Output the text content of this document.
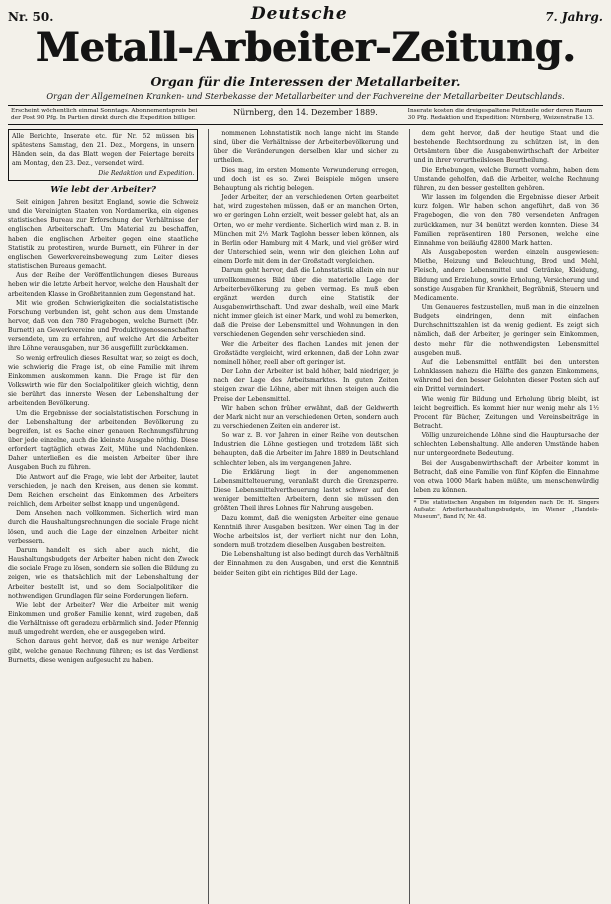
Nr. 50.	Deutsche	7. Jahrg.
Metall-Arbeiter-Zeitung.
Organ für die Interessen der Metallarbeiter.
Organ der Allgemeinen Kranken- und Sterbekasse der Metallarbeiter und der Fachvereine der Metallarbeiter Deutschlands.
Erscheint wöchentlich einmal Sonntags. Abonnementspreis bei der Post 90 Pfg. In Partien direkt durch die Expedition billiger.
Nürnberg, den 14. Dezember 1889.	Inserate kosten die dreigespaltene Petitzeile oder deren Raum 30 Pfg. Redaktion und Expedition: Nürnberg, Weizenstraße 13.
Alle Berichte, Inserate etc. für Nr. 52 müssen bis spätestens Samstag, den 21. Dez., Morgens, in unsern Händen sein, da das Blatt wegen der Feiertage bereits am Montag, den 23. Dez., versendet wird.
Die Redaktion und Expedition.
Wie lebt der Arbeiter?

Seit einigen Jahren besitzt England, sowie die Schweiz und die Vereinigten Staaten von Nordamerika, ein eigenes statistisches Bureau zur Erforschung der Verhältnisse der englischen Arbeiterschaft. Um Material zu beschaffen, haben die englischen Arbeiter gegen eine staatliche Statistik zu protestiren, wurde Burnett, ein Führer in der englischen Gewerkvereinsbewegung zum Leiter dieses statistischen Bureaus gemacht.

Aus der Reihe der Veröffentlichungen dieses Bureaus heben wir die letzte Arbeit hervor, welche den Haushalt der arbeitenden Klasse in Großbritannien zum Gegenstand hat.

Mit wie großen Schwierigkeiten die socialstatistische Forschung verbunden ist, geht schon aus dem Umstande hervor, daß von den 780 Fragebogen, welche Burnett (Mr. Burnett) an Gewerkvereine und Produktivgenossenschaften versendete, um zu erfahren, auf welche Art die Arbeiter ihre Löhne verausgaben, nur 36 ausgefüllt zurückkamen.

So wenig erfreulich dieses Resultat war, so zeigt es doch, wie schwierig die Frage ist, ob eine Familie mit ihrem Einkommen auskommen kann. Die Frage ist für den Volkswirth wie für den Socialpolitiker gleich wichtig, denn sie berührt das innerste Wesen der Lebenshaltung der arbeitenden Bevölkerung.

Um die Ergebnisse der socialstatistischen Forschung in der Lebenshaltung der arbeitenden Bevölkerung zu begreifen, ist es Sache einer genauen Rechnungsführung über jede einzelne, auch die kleinste Ausgabe nöthig. Diese erfordert tagtäglich etwas Zeit, Mühe und Nachdenken. Daher unterließen es die meisten Arbeiter über ihre Ausgaben Buch zu führen.

Die Antwort auf die Frage, wie lebt der Arbeiter, lautet verschieden, je nach den Kreisen, aus denen sie kommt. Dem Reichen erscheint das Einkommen des Arbeiters reichlich, dem Arbeiter selbst knapp und ungenügend.

Dem Ansehen nach vollkommen. Sicherlich wird man durch die Haushaltungsrechnungen die sociale Frage nicht lösen, und auch die Lage der einzelnen Arbeiter nicht verbessern.

Darum handelt es sich aber auch nicht, die Haushaltungsbudgets der Arbeiter haben nicht den Zweck die sociale Frage zu lösen, sondern sie sollen die Bildung zu zeigen, wie es thatsächlich mit der Lebenshaltung der Arbeiter bestellt ist, und so dem Socialpolitiker die nothwendigen Grundlagen für seine Forderungen liefern.

Wie lebt der Arbeiter? Wer die Arbeiter mit wenig Einkommen und großer Familie kennt, wird zugeben, daß die Verhältnisse oft geradezu erbärmlich sind. Jeder Pfennig muß umgedreht werden, ehe er ausgegeben wird.

Schon daraus geht hervor, daß es nur wenige Arbeiter gibt, welche genaue Rechnung führen; es ist das Verdienst Burnetts, diese wenigen aufgesucht zu haben.

nommenen Lohnstatistik noch lange nicht im Stande sind, über die Verhältnisse der Arbeiterbevölkerung und über die Veränderungen derselben klar und sicher zu urtheilen.

Dies mag, im ersten Momente Verwunderung erregen, und doch ist es so. Zwei Beispiele mögen unsere Behauptung als richtig belegen.

Jeder Arbeiter, der an verschiedenen Orten gearbeitet hat, wird zugestehen müssen, daß er an manchen Orten, wo er geringen Lohn erzielt, weit besser gelebt hat, als an Orten, wo er mehr verdiente. Sicherlich wird man z. B. in München mit 2½ Mark Taglohn besser leben können, als in Berlin oder Hamburg mit 4 Mark, und viel größer wird der Unterschied sein, wenn wir den gleichen Lohn auf einem Dorfe mit dem in der Großstadt vergleichen.

Darum geht hervor, daß die Lohnstatistik allein ein nur unvollkommenes Bild über die materielle Lage der Arbeiterbevölkerung zu geben vermag. Es muß eben ergänzt werden durch eine Statistik der Ausgabenwirthschaft. Und zwar deshalb, weil eine Mark nicht immer gleich ist einer Mark, und wohl zu bemerken, daß die Preise der Lebensmittel und Wohnungen in den verschiedenen Gegenden sehr verschieden sind.

Wer die Arbeiter des flachen Landes mit jenen der Großstädte vergleicht, wird erkennen, daß der Lohn zwar nominell höher, reell aber oft geringer ist.

Der Lohn der Arbeiter ist bald höher, bald niedriger, je nach der Lage des Arbeitsmarktes. In guten Zeiten steigen zwar die Löhne, aber mit ihnen steigen auch die Preise der Lebensmittel.

Wir haben schon früher erwähnt, daß der Geldwerth der Mark nicht nur an verschiedenen Orten, sondern auch zu verschiedenen Zeiten ein anderer ist.

So war z. B. vor Jahren in einer Reihe von deutschen Industrien die Löhne gestiegen und trotzdem läßt sich behaupten, daß die Arbeiter im Jahre 1889 in Deutschland schlechter leben, als im vergangenen Jahre.

Die Erklärung liegt in der angenommenen Lebensmittelteuerung, veranlaßt durch die Grenzsperre. Diese Lebensmittelvertheuerung lastet schwer auf den weniger bemittelten Arbeitern, denn sie müssen den größten Theil ihres Lohnes für Nahrung ausgeben.

Dazu kommt, daß die wenigsten Arbeiter eine genaue Kenntniß ihrer Ausgaben besitzen. Wer einen Tag in der Woche arbeitslos ist, der verliert nicht nur den Lohn, sondern muß trotzdem dieselben Ausgaben bestreiten.

Die Lebenshaltung ist also bedingt durch das Verhältniß der Einnahmen zu den Ausgaben, und erst die Kenntniß beider Seiten gibt ein richtiges Bild der Lage.

dem geht hervor, daß der heutige Staat und die bestehende Rechtsordnung zu schützen ist, in den Ortsämtern über die Ausgabenwirthschaft der Arbeiter und in ihrer vorurtheilslosen Beurtheilung.

Die Erhebungen, welche Burnett vornahm, haben dem Umstande geholfen, daß die Arbeiter, welche Rechnung führen, zu den besser gestellten gehören.

Wir lassen im folgenden die Ergebnisse dieser Arbeit kurz folgen. Wir haben schon angeführt, daß von 36 Fragebogen, die von den 780 versendeten Anfragen zurückkamen, nur 34 benützt werden konnten. Diese 34 Familien repräsentiren 180 Personen, welche eine Einnahme von beiläufig 42800 Mark hatten.

Als Ausgabeposten werden einzeln ausgewiesen: Miethe, Heizung und Beleuchtung, Brod und Mehl, Fleisch, andere Lebensmittel und Getränke, Kleidung, Bildung und Erziehung, sowie Erholung, Versicherung und sonstige Ausgaben für Krankheit, Begräbniß, Steuern und Medicamente.

Um Genaueres festzustellen, muß man in die einzelnen Budgets eindringen, denn mit einfachen Durchschnittszahlen ist da wenig gedient. Es zeigt sich nämlich, daß der Arbeiter, je geringer sein Einkommen, desto mehr für die nothwendigsten Lebensmittel ausgeben muß.

Auf die Lebensmittel entfällt bei den untersten Lohnklassen nahezu die Hälfte des ganzen Einkommens, während bei den besser Gelohnten dieser Posten sich auf ein Drittel vermindert.

Wie wenig für Bildung und Erholung übrig bleibt, ist leicht begreiflich. Es kommt hier nur wenig mehr als 1½ Procent für Bücher, Zeitungen und Vereinsbeiträge in Betracht.

Völlig unzureichende Löhne sind die Hauptursache der schlechten Lebenshaltung. Alle anderen Umstände haben nur untergeordnete Bedeutung.

Bei der Ausgabenwirthschaft der Arbeiter kommt in Betracht, daß eine Familie von fünf Köpfen die Einnahme von etwa 1000 Mark haben müßte, um menschenwürdig leben zu können.

* Die statistischen Angaben im folgenden nach Dr. H. Singers Aufsatz: Arbeiterhaushaltungsbudgets, im Wiener „Handels-Museum", Band IV, Nr. 48.
